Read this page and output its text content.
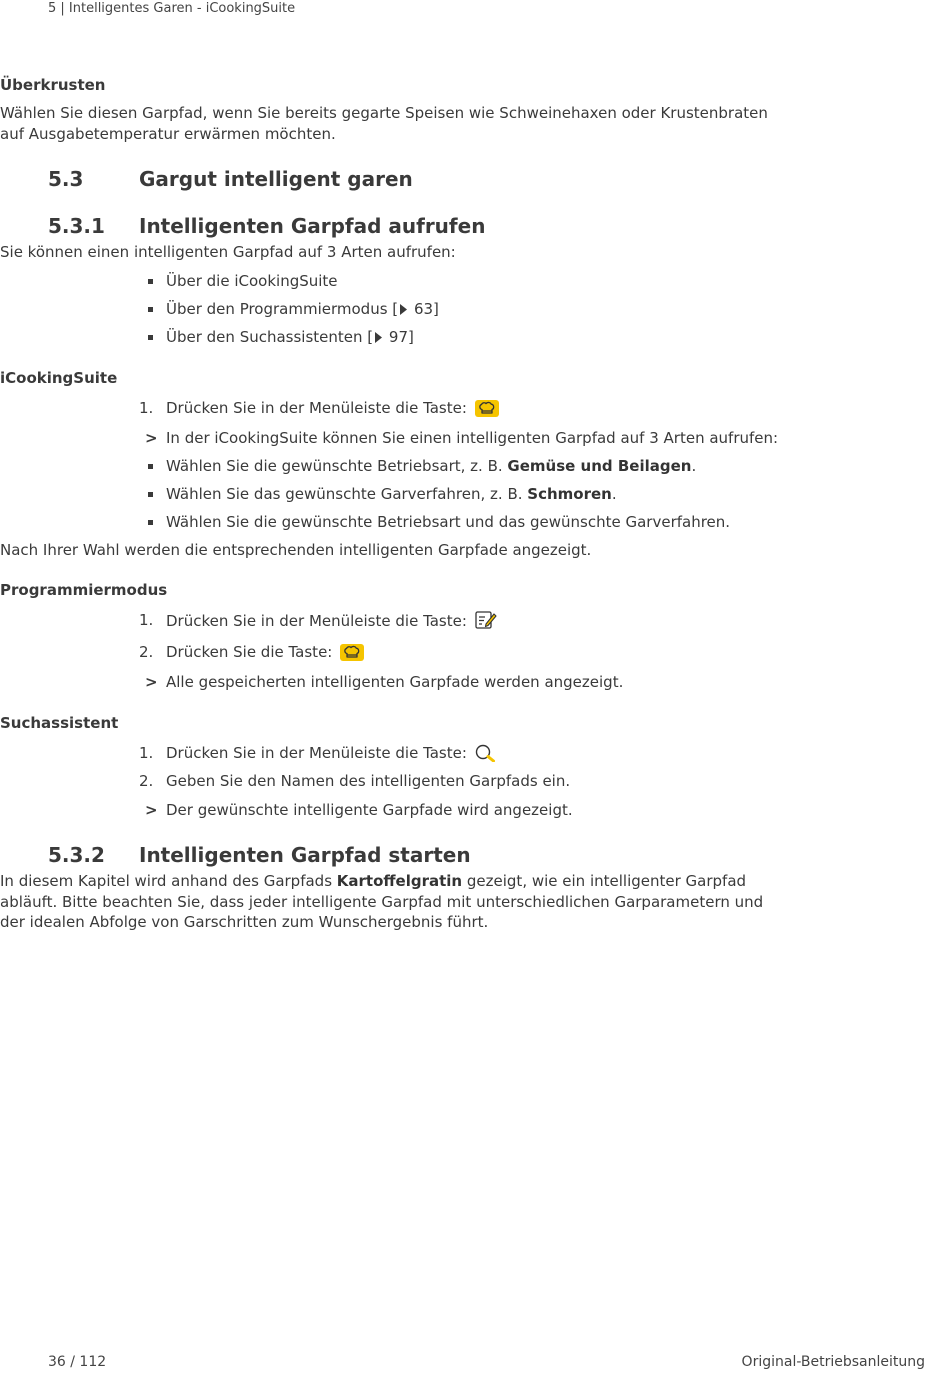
5 | Intelligentes Garen - iCookingSuite

Überkrusten

Wählen Sie diesen Garpfad, wenn Sie bereits gegarte Speisen wie Schweinehaxen oder Krustenbraten auf Ausgabetemperatur erwärmen möchten.

5.3	Gargut intelligent garen
5.3.1 Intelligenten Garpfad aufrufen

Sie können einen intelligenten Garpfad auf 3 Arten aufrufen:

Über die iCookingSuite
Über den Programmiermodus [ 63]
Über den Suchassistenten [ 97]

iCookingSuite

1. Drücken Sie in der Menüleiste die Taste:
> In der iCookingSuite können Sie einen intelligenten Garpfad auf 3 Arten aufrufen:
Wählen Sie die gewünschte Betriebsart, z. B. Gemüse und Beilagen.
Wählen Sie das gewünschte Garverfahren, z. B. Schmoren.
Wählen Sie die gewünschte Betriebsart und das gewünschte Garverfahren.

Nach Ihrer Wahl werden die entsprechenden intelligenten Garpfade angezeigt.

Programmiermodus

1. Drücken Sie in der Menüleiste die Taste:
2. Drücken Sie die Taste:
> Alle gespeicherten intelligenten Garpfade werden angezeigt.

Suchassistent

1. Drücken Sie in der Menüleiste die Taste:
2. Geben Sie den Namen des intelligenten Garpfads ein.
> Der gewünschte intelligente Garpfade wird angezeigt.
5.3.2 Intelligenten Garpfad starten

In diesem Kapitel wird anhand des Garpfads Kartoffelgratin gezeigt, wie ein intelligenter Garpfad abläuft. Bitte beachten Sie, dass jeder intelligente Garpfad mit unterschiedlichen Garparametern und der idealen Abfolge von Garschritten zum Wunschergebnis führt.

36 / 112	Original-Betriebsanleitung
